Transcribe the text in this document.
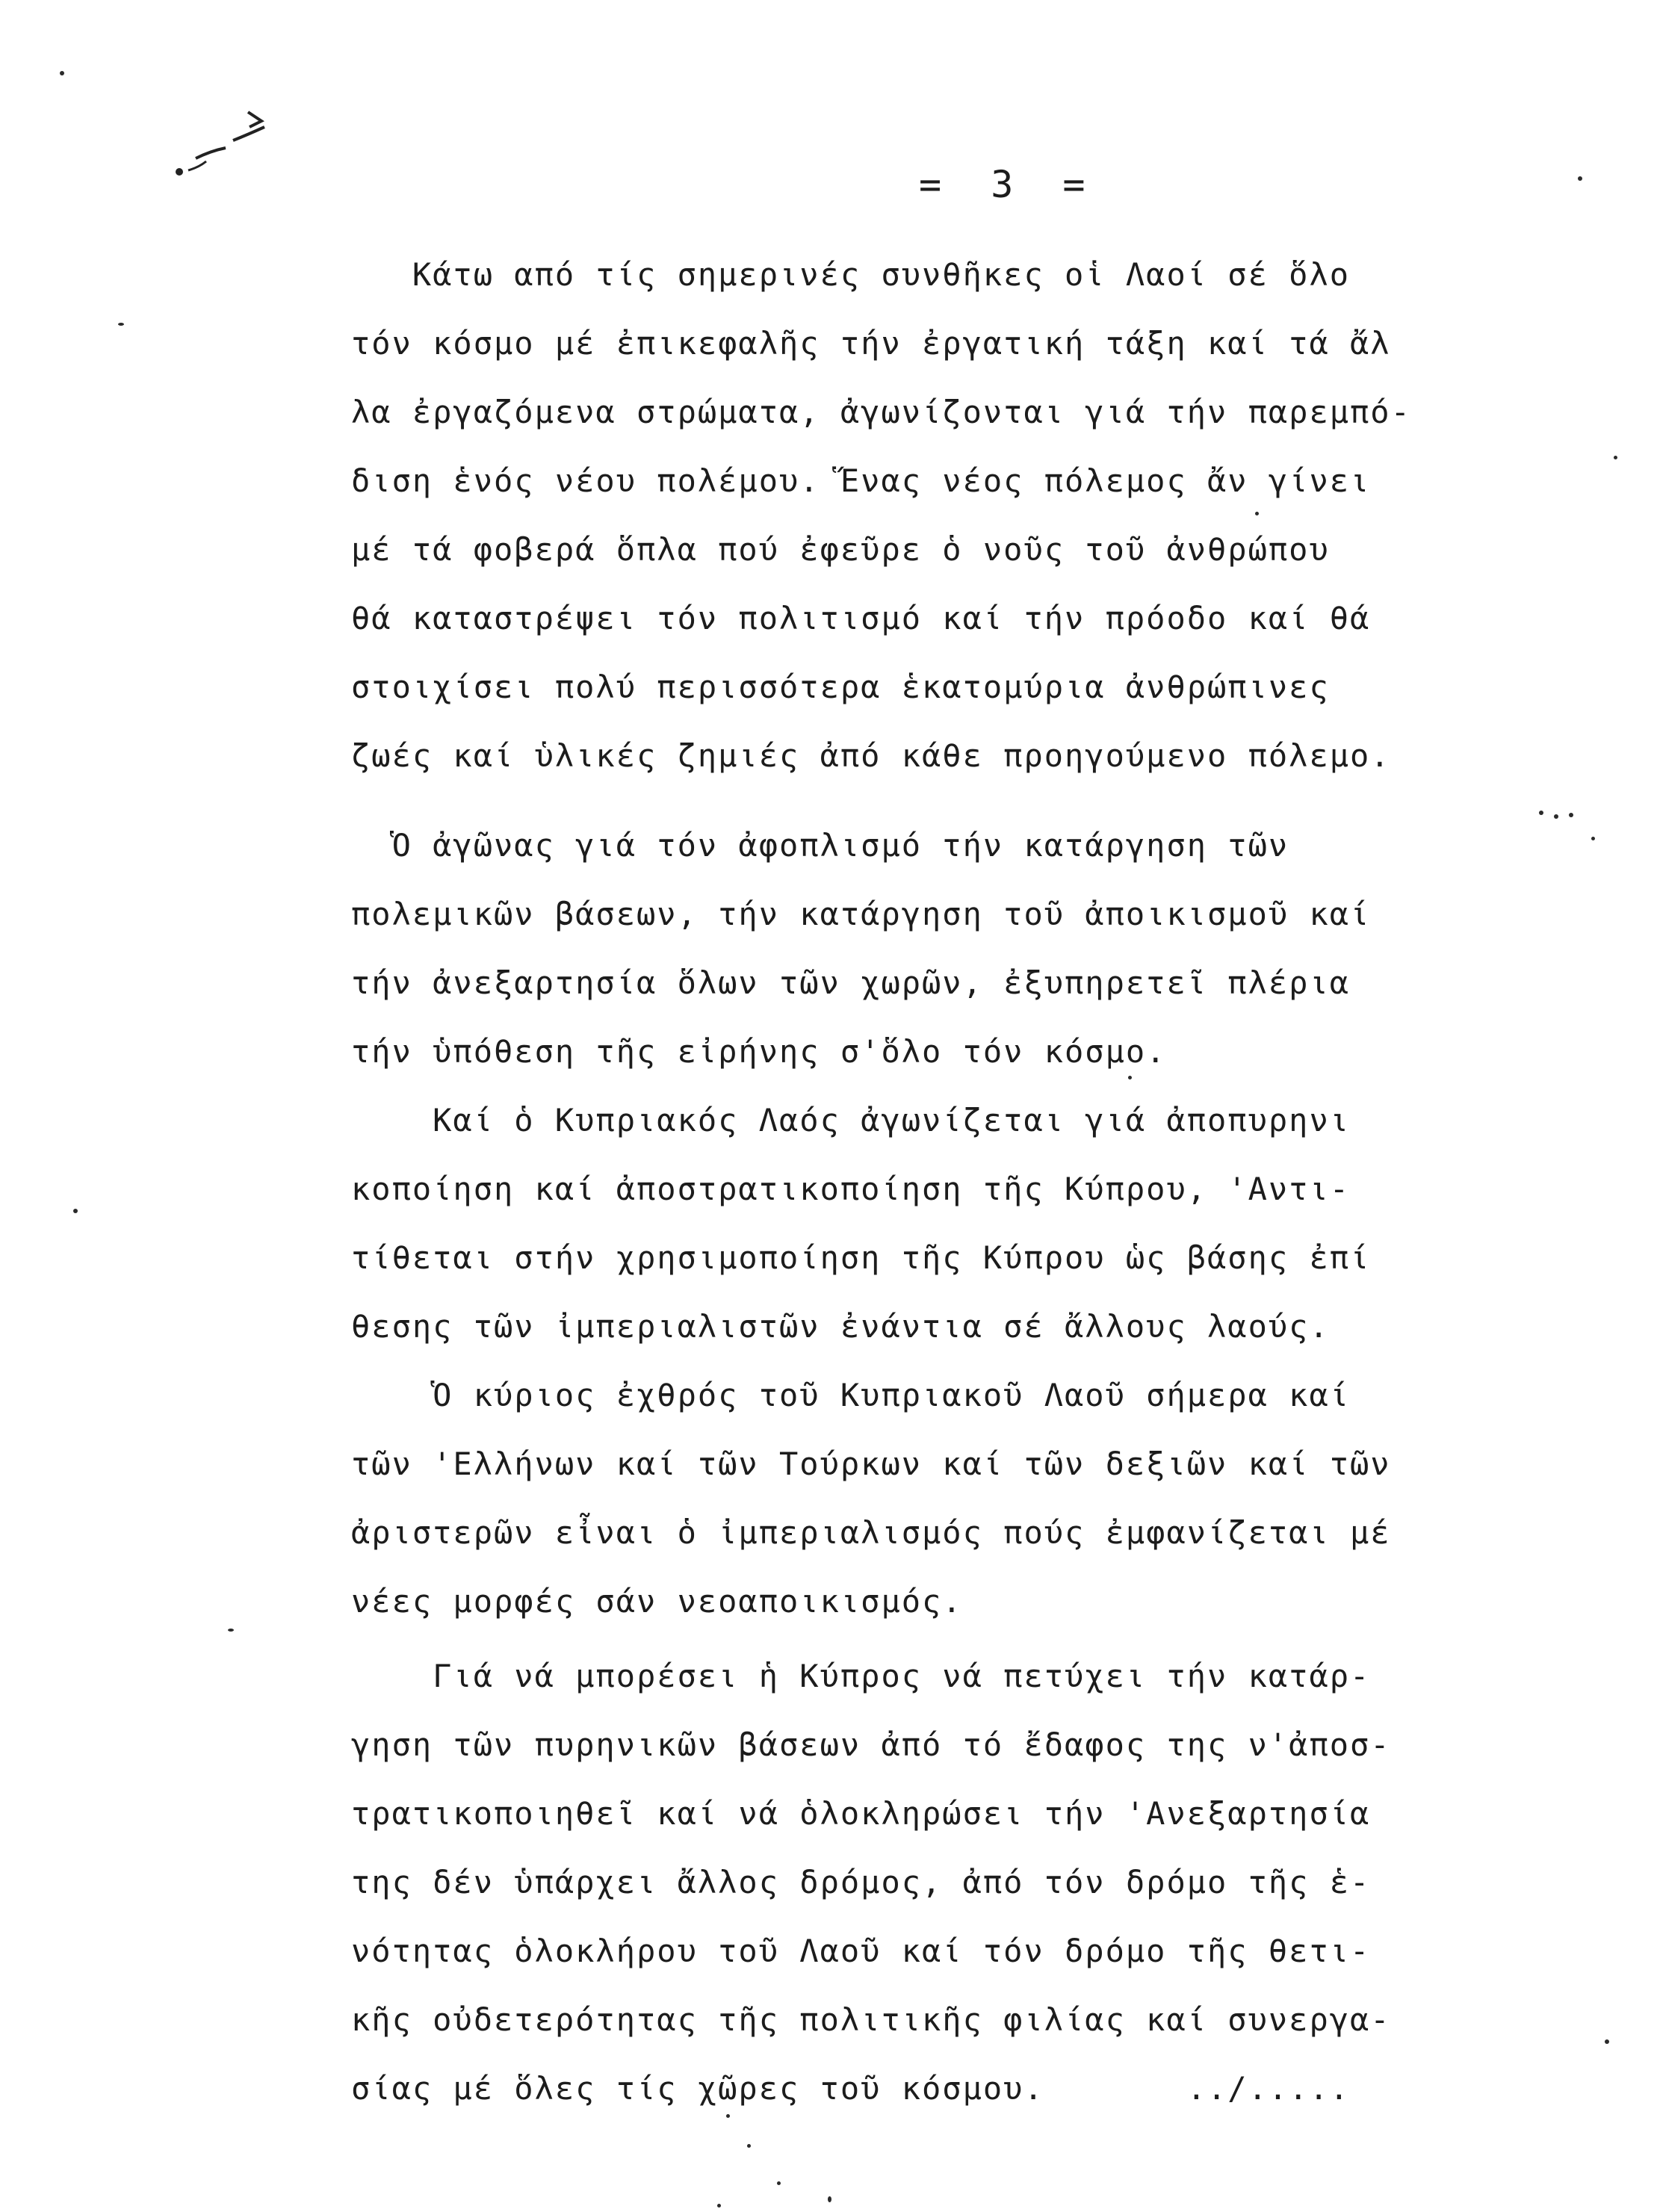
= 3 =
Κάτω από τίς σημερινές συνθῆκες οἱ Λαοί σέ ὅλο
τόν κόσμο μέ ἐπικεφαλῆς τήν ἐργατική τάξη καί τά ἄλ
λα ἐργαζόμενα στρώματα, ἀγωνίζονται γιά τήν παρεμπό-
διση ἑνός νέου πολέμου. Ἕνας νέος πόλεμος ἄν γίνει
μέ τά φοβερά ὅπλα πού ἐφεῦρε ὁ νοῦς τοῦ ἀνθρώπου
θά καταστρέψει τόν πολιτισμό καί τήν πρόοδο καί θά
στοιχίσει πολύ περισσότερα ἑκατομύρια ἀνθρώπινες
ζωές καί ὑλικές ζημιές ἀπό κάθε προηγούμενο πόλεμο.
Ὁ ἀγῶνας γιά τόν ἀφοπλισμό τήν κατάργηση τῶν
πολεμικῶν βάσεων, τήν κατάργηση τοῦ ἀποικισμοῦ καί
τήν ἀνεξαρτησία ὅλων τῶν χωρῶν, ἐξυπηρετεῖ πλέρια
τήν ὑπόθεση τῆς εἰρήνης σ'ὅλο τόν κόσμο.
Καί ὁ Κυπριακός Λαός ἀγωνίζεται γιά ἀποπυρηνι
κοποίηση καί ἀποστρατικοποίηση τῆς Κύπρου, 'Αντι-
τίθεται στήν χρησιμοποίηση τῆς Κύπρου ὡς βάσης ἐπί
θεσης τῶν ἰμπεριαλιστῶν ἐνάντια σέ ἄλλους λαούς.
Ὁ κύριος ἐχθρός τοῦ Κυπριακοῦ Λαοῦ σήμερα καί
τῶν 'Ελλήνων καί τῶν Τούρκων καί τῶν δεξιῶν καί τῶν
ἀριστερῶν εἶναι ὁ ἰμπεριαλισμός πούς ἐμφανίζεται μέ
νέες μορφές σάν νεοαποικισμός.
Γιά νά μπορέσει ἡ Κύπρος νά πετύχει τήν κατάρ-
γηση τῶν πυρηνικῶν βάσεων ἀπό τό ἔδαφος της ν'ἀποσ-
τρατικοποιηθεῖ καί νά ὁλοκληρώσει τήν 'Ανεξαρτησία
της δέν ὑπάρχει ἄλλος δρόμος, ἀπό τόν δρόμο τῆς ἑ-
νότητας ὁλοκλήρου τοῦ Λαοῦ καί τόν δρόμο τῆς θετι-
κῆς οὐδετερότητας τῆς πολιτικῆς φιλίας καί συνεργα-
σίας μέ ὅλες τίς χῶρες τοῦ κόσμου.       ../.....
